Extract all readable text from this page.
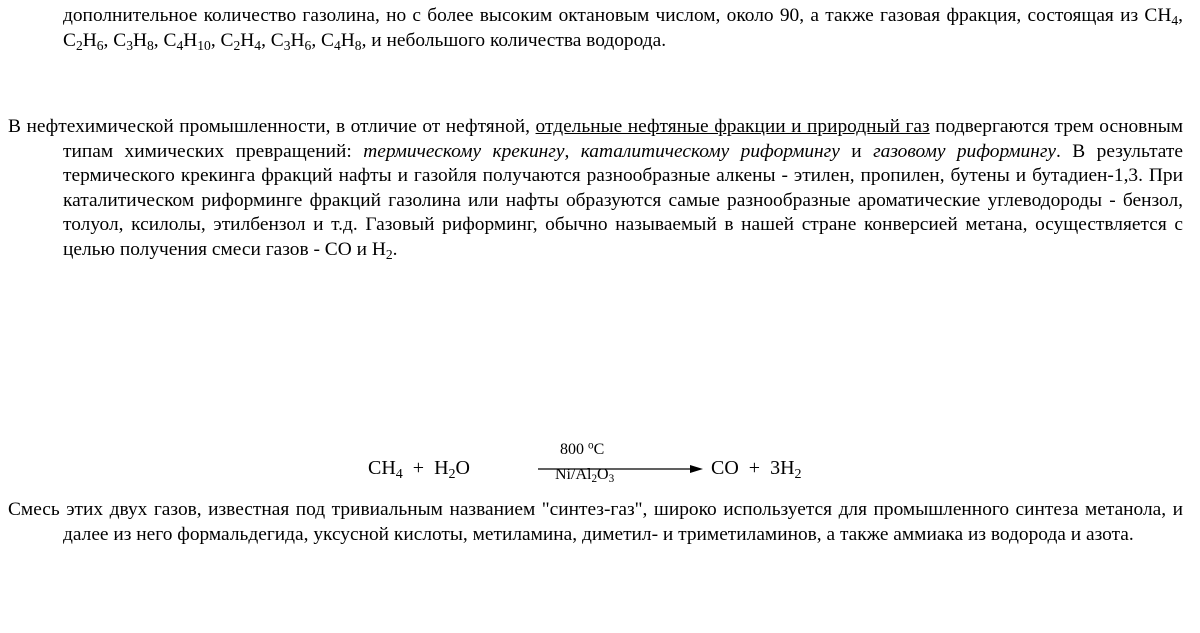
дополнительное количество газолина, но с более высоким октановым числом, около 90, а также газовая фракция, состоящая из $CH_4$, $C_2H_6$, $C_3H_8$, $C_4H_{10}$, $C_2H_4$, $C_3H_6$, $C_4H_8$, и небольшого количества водорода.

В нефтехимической промышленности, в отличие от нефтяной, отдельные нефтяные фракции и природный газ подвергаются трем основным типам химических превращений: термическому крекингу, каталитическому риформингу и газовому риформингу. В результате термического крекинга фракций нафты и газойля получаются разнообразные алкены - этилен, пропилен, бутены и бутадиен-1,3. При каталитическом риформинге фракций газолина или нафты образуются самые разнообразные ароматические углеводороды - бензол, толуол, ксилолы, этилбензол и т.д. Газовый риформинг, обычно называемый в нашей стране конверсией метана, осуществляется с целью получения смеси газов - CO и $H_2$.

$CH_4 + H_2O$
800 $^o$C
$Ni/Al_2O_3$
CO + $3H_2$

Смесь этих двух газов, известная под тривиальным названием "синтез-газ", широко используется для промышленного синтеза метанола, и далее из него формальдегида, уксусной кислоты, метиламина, диметил- и триметиламинов, а также аммиака из водорода и азота.
